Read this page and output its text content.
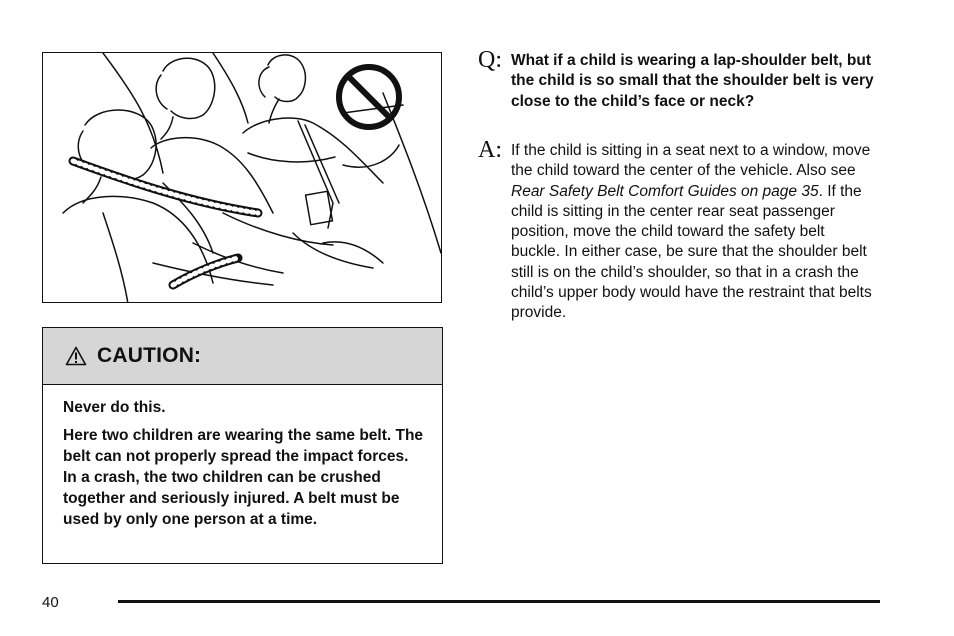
CAUTION:

Never do this.

Here two children are wearing the same belt. The belt can not properly spread the impact forces. In a crash, the two children can be crushed together and seriously injured. A belt must be used by only one person at a time.

Q: What if a child is wearing a lap-shoulder belt, but the child is so small that the shoulder belt is very close to the child’s face or neck?
A: If the child is sitting in a seat next to a window, move the child toward the center of the vehicle. Also see Rear Safety Belt Comfort Guides on page 35. If the child is sitting in the center rear seat passenger position, move the child toward the safety belt buckle. In either case, be sure that the shoulder belt still is on the child’s shoulder, so that in a crash the child’s upper body would have the restraint that belts provide.
40
